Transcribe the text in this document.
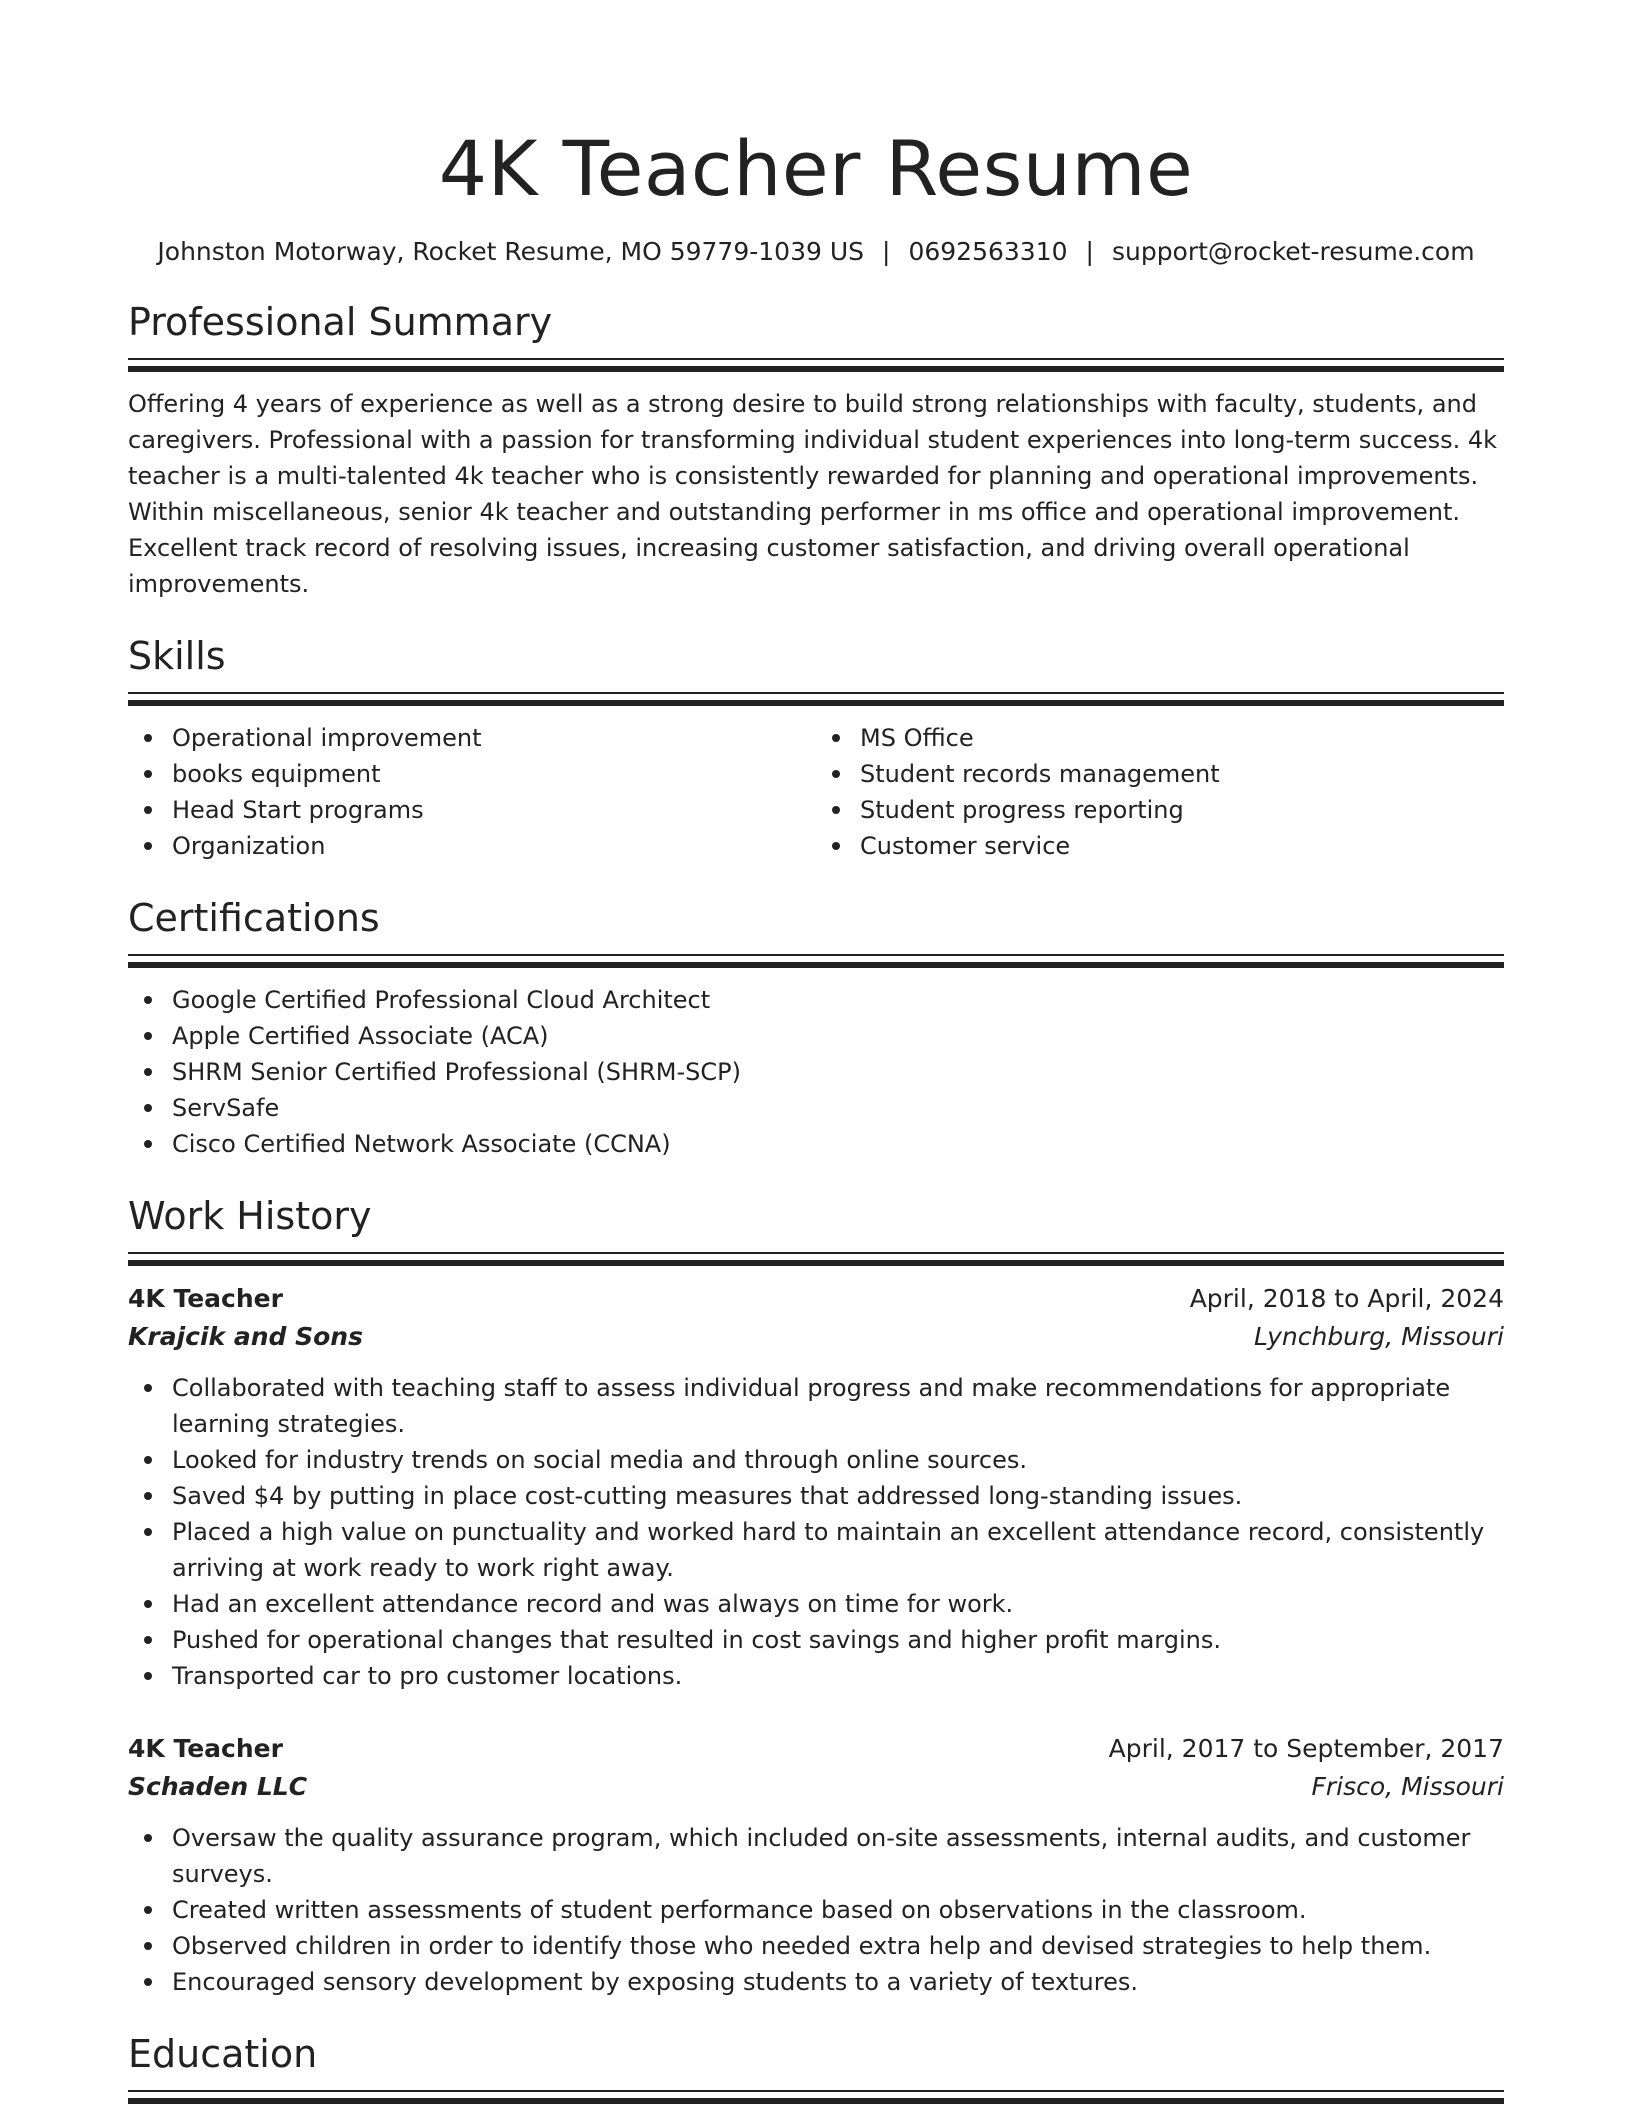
4K Teacher Resume
Johnston Motorway, Rocket Resume, MO 59779-1039 US | 0692563310 | support@rocket-resume.com
Professional Summary

Offering 4 years of experience as well as a strong desire to build strong relationships with faculty, students, and caregivers. Professional with a passion for transforming individual student experiences into long-term success. 4k teacher is a multi-talented 4k teacher who is consistently rewarded for planning and operational improvements. Within miscellaneous, senior 4k teacher and outstanding performer in ms office and operational improvement. Excellent track record of resolving issues, increasing customer satisfaction, and driving overall operational improvements.

Skills
Operational improvement
books equipment
Head Start programs
Organization
MS Office
Student records management
Student progress reporting
Customer service
Certifications
Google Certified Professional Cloud Architect
Apple Certified Associate (ACA)
SHRM Senior Certified Professional (SHRM-SCP)
ServSafe
Cisco Certified Network Associate (CCNA)
Work History
4K Teacher	April, 2018 to April, 2024
Krajcik and Sons	Lynchburg, Missouri
Collaborated with teaching staff to assess individual progress and make recommendations for appropriate learning strategies.
Looked for industry trends on social media and through online sources.
Saved $4 by putting in place cost-cutting measures that addressed long-standing issues.
Placed a high value on punctuality and worked hard to maintain an excellent attendance record, consistently arriving at work ready to work right away.
Had an excellent attendance record and was always on time for work.
Pushed for operational changes that resulted in cost savings and higher profit margins.
Transported car to pro customer locations.
4K Teacher	April, 2017 to September, 2017
Schaden LLC	Frisco, Missouri
Oversaw the quality assurance program, which included on-site assessments, internal audits, and customer surveys.
Created written assessments of student performance based on observations in the classroom.
Observed children in order to identify those who needed extra help and devised strategies to help them.
Encouraged sensory development by exposing students to a variety of textures.
Education
